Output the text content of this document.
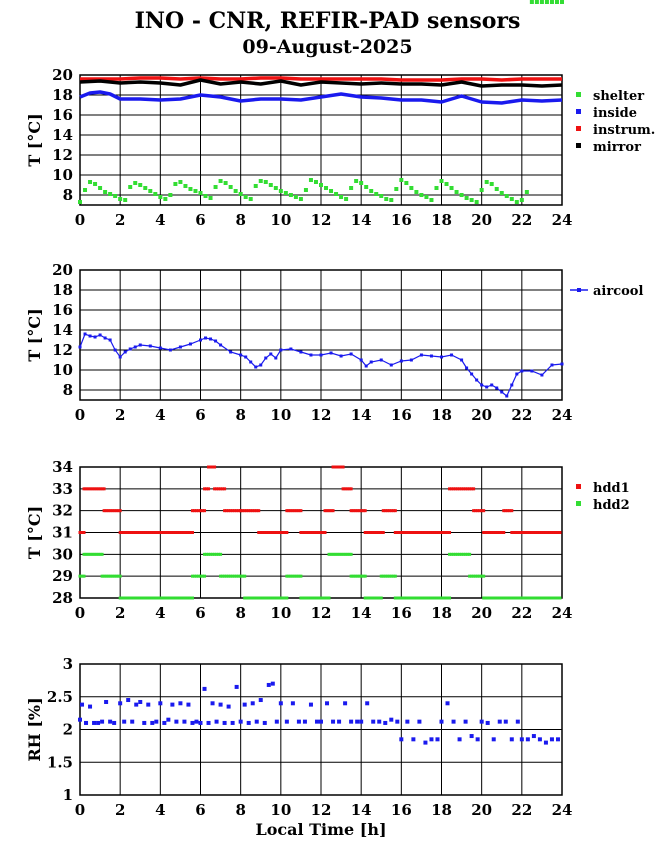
INO - CNR, REFIR-PAD sensors
09-August-2025
0 2 4 6 8 10 12 14 16 18 20 22 24
8
10
12
14
16
18
20
T [°C]
shelter
inside
instrum.
mirror
0 2 4 6 8 10 12 14 16 18 20 22 24
8
10
12
14
16
18
20
T [°C]
aircool
0 2 4 6 8 10 12 14 16 18 20 22 24
28
29
30
31
32
33
34
T [°C]
hdd1
hdd2
0 2 4 6 8 10 12 14 16 18 20 22 24
1
1.5
2
2.5
3
RH [%]
Local Time [h]
